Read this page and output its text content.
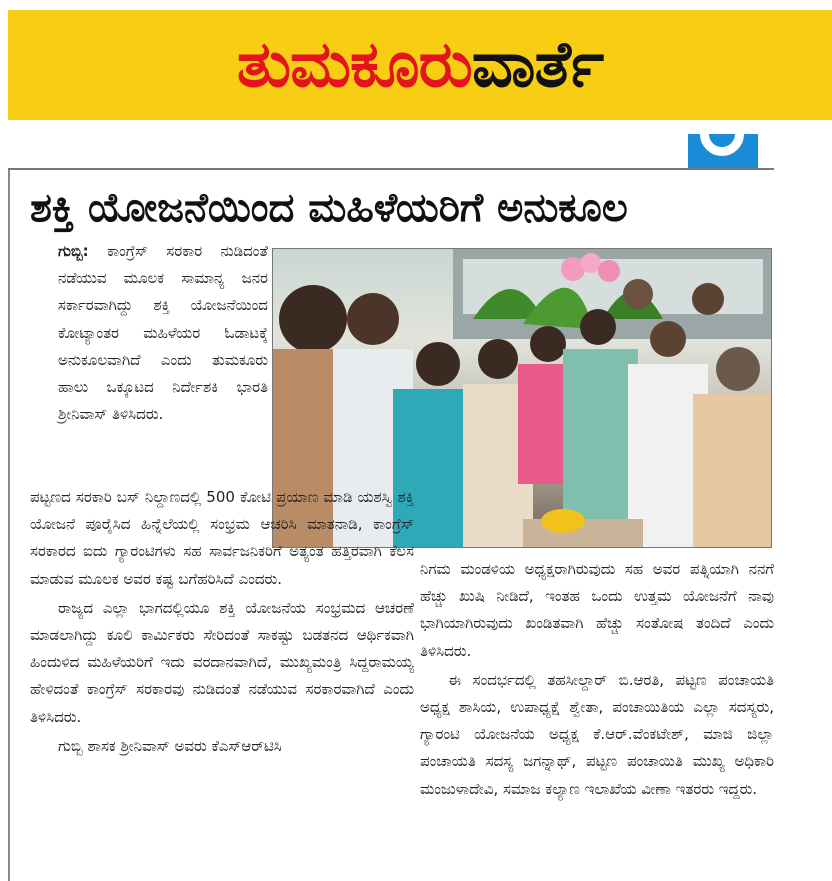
ತುಮಕೂರುವಾರ್ತೆ
ಶಕ್ತಿ ಯೋಜನೆಯಿಂದ ಮಹಿಳೆಯರಿಗೆ ಅನುಕೂಲ

ಗುಬ್ಬಿ: ಕಾಂಗ್ರೆಸ್ ಸರಕಾರ ನುಡಿದಂತೆ ನಡೆಯುವ ಮೂಲಕ ಸಾಮಾನ್ಯ ಜನರ ಸರ್ಕಾರವಾಗಿದ್ದು ಶಕ್ತಿ ಯೋಜನೆಯಿಂದ ಕೋಟ್ಯಾಂತರ ಮಹಿಳೆಯರ ಓಡಾಟಕ್ಕೆ ಅನುಕೂಲವಾಗಿದೆ ಎಂದು ತುಮಕೂರು ಹಾಲು ಒಕ್ಕೂಟದ ನಿರ್ದೇಶಕಿ ಭಾರತಿ ಶ್ರೀನಿವಾಸ್ ತಿಳಿಸಿದರು.

ಪಟ್ಟಣದ ಸರಕಾರಿ ಬಸ್ ನಿಲ್ದಾಣದಲ್ಲಿ 500 ಕೋಟಿ ಪ್ರಯಾಣ ಮಾಡಿ ಯಶಸ್ವಿ ಶಕ್ತಿ ಯೋಜನೆ ಪೂರೈಸಿದ ಹಿನ್ನೆಲೆಯಲ್ಲಿ ಸಂಭ್ರಮ ಆಚರಿಸಿ ಮಾತನಾಡಿ, ಕಾಂಗ್ರೆಸ್ ಸರಕಾರದ ಐದು ಗ್ಯಾರಂಟಿಗಳು ಸಹ ಸಾರ್ವಜನಿಕರಿಗೆ ಅತ್ಯಂತ ಹತ್ತಿರವಾಗಿ ಕೆಲಸ ಮಾಡುವ ಮೂಲಕ ಅವರ ಕಷ್ಟ ಬಗೆಹರಿಸಿದೆ ಎಂದರು.

ರಾಜ್ಯದ ಎಲ್ಲಾ ಭಾಗದಲ್ಲಿಯೂ ಶಕ್ತಿ ಯೋಜನೆಯ ಸಂಭ್ರಮದ ಆಚರಣೆ ಮಾಡಲಾಗಿದ್ದು ಕೂಲಿ ಕಾರ್ಮಿಕರು ಸೇರಿದಂತೆ ಸಾಕಷ್ಟು ಬಡತನದ ಆರ್ಥಿಕವಾಗಿ ಹಿಂದುಳಿದ ಮಹಿಳೆಯರಿಗೆ ಇದು ವರದಾನವಾಗಿದೆ, ಮುಖ್ಯಮಂತ್ರಿ ಸಿದ್ದರಾಮಯ್ಯ ಹೇಳಿದಂತೆ ಕಾಂಗ್ರೆಸ್ ಸರಕಾರವು ನುಡಿದಂತೆ ನಡೆಯುವ ಸರಕಾರವಾಗಿದೆ ಎಂದು ತಿಳಿಸಿದರು.

ಗುಬ್ಬಿ ಶಾಸಕ ಶ್ರೀನಿವಾಸ್ ಅವರು ಕೆಎಸ್‌ಆರ್‌ಟಿಸಿ

ನಿಗಮ ಮಂಡಳಿಯ ಅಧ್ಯಕ್ಷರಾಗಿರುವುದು ಸಹ ಅವರ ಪತ್ನಿಯಾಗಿ ನನಗೆ ಹೆಚ್ಚು ಖುಷಿ ನೀಡಿದೆ, ಇಂತಹ ಒಂದು ಉತ್ತಮ ಯೋಜನೆಗೆ ನಾವು ಭಾಗಿಯಾಗಿರುವುದು ಖಂಡಿತವಾಗಿ ಹೆಚ್ಚು ಸಂತೋಷ ತಂದಿದೆ ಎಂದು ತಿಳಿಸಿದರು.

ಈ ಸಂದರ್ಭದಲ್ಲಿ ತಹಸೀಲ್ದಾರ್ ಬಿ.ಆರತಿ, ಪಟ್ಟಣ ಪಂಚಾಯತಿ ಅಧ್ಯಕ್ಷ ಶಾಸಿಯ, ಉಪಾಧ್ಯಕ್ಷೆ ಶ್ವೇತಾ, ಪಂಚಾಯಿತಿಯ ಎಲ್ಲಾ ಸದಸ್ಯರು, ಗ್ಯಾರಂಟಿ ಯೋಜನೆಯ ಅಧ್ಯಕ್ಷ ಕೆ.ಆರ್.ವೆಂಕಟೇಶ್, ಮಾಜಿ ಜಿಲ್ಲಾ ಪಂಚಾಯತಿ ಸದಸ್ಯ ಜಗನ್ನಾಥ್, ಪಟ್ಟಣ ಪಂಚಾಯಿತಿ ಮುಖ್ಯ ಅಧಿಕಾರಿ ಮಂಜುಳಾದೇವಿ, ಸಮಾಜ ಕಲ್ಯಾಣ ಇಲಾಖೆಯ ವೀಣಾ ಇತರರು ಇದ್ದರು.
